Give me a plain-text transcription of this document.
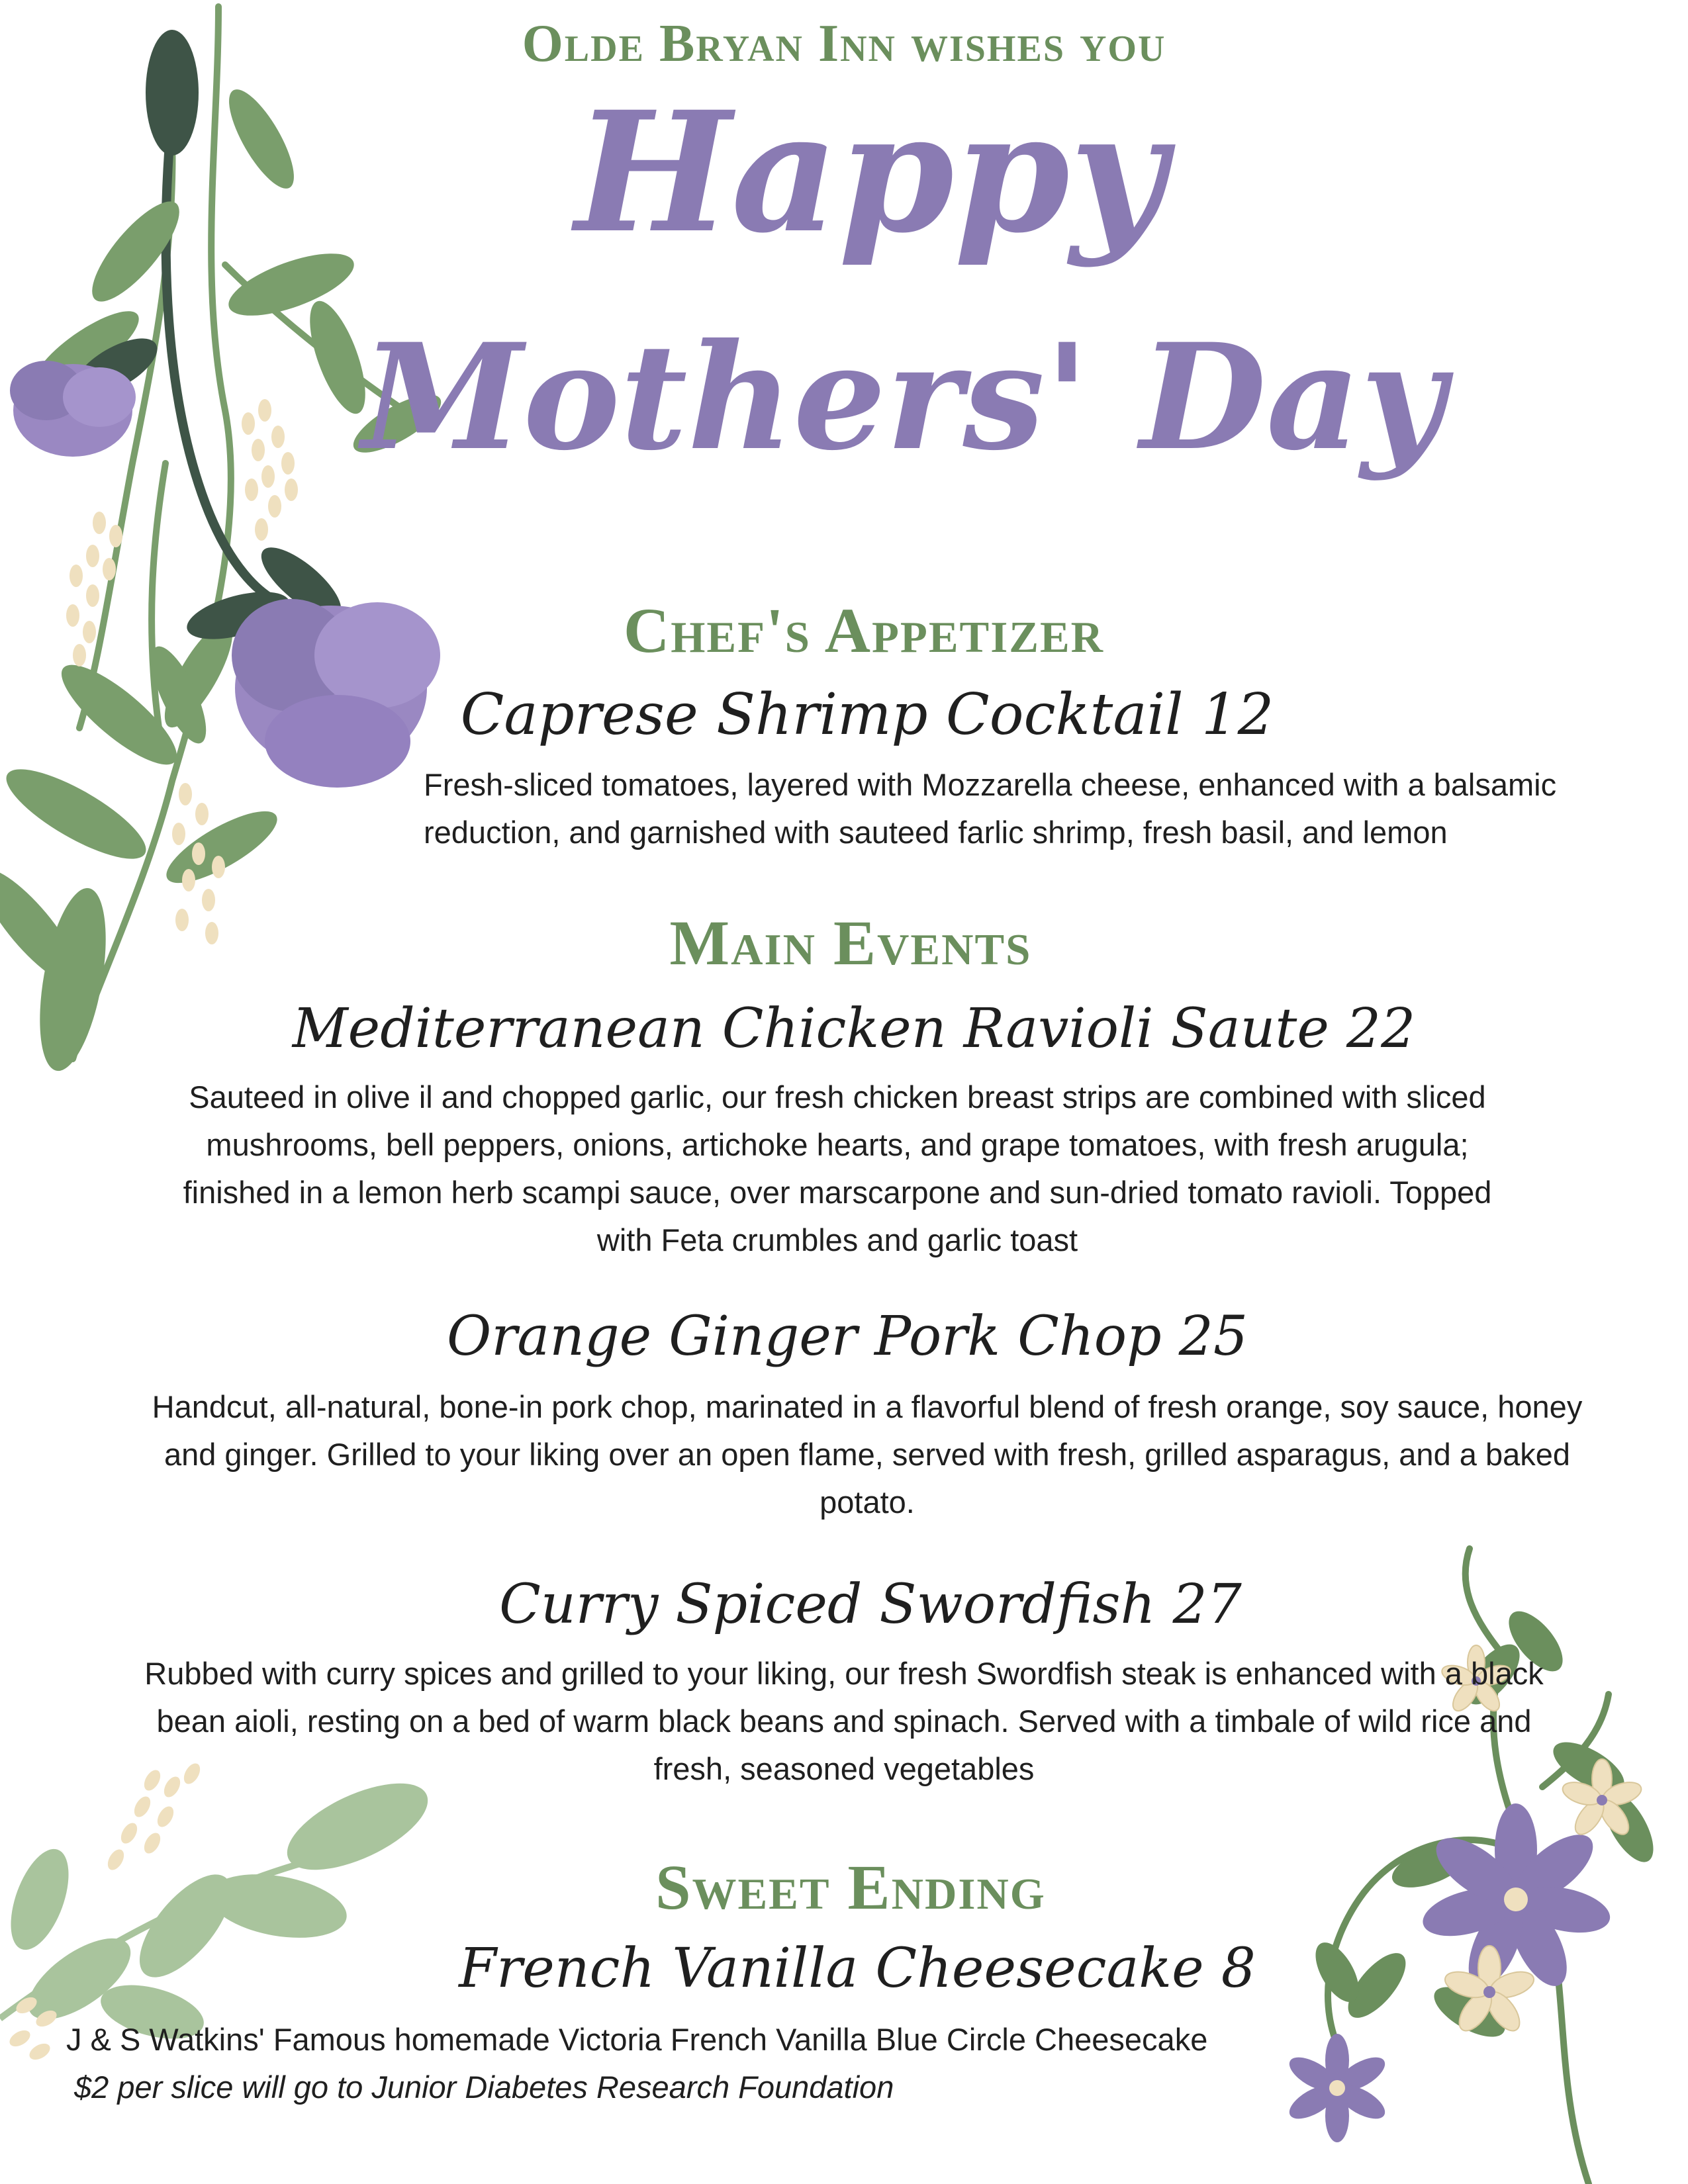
Olde Bryan Inn wishes you
Happy
Mothers' Day
Chef's Appetizer
Caprese Shrimp Cocktail 12
Fresh-sliced tomatoes, layered with Mozzarella cheese, enhanced with a balsamic
reduction, and garnished with sauteed farlic shrimp, fresh basil, and lemon
Main Events
Mediterranean Chicken Ravioli Saute 22
Sauteed in olive il and chopped garlic, our fresh chicken breast strips are combined with sliced
mushrooms, bell peppers, onions, artichoke hearts, and grape tomatoes, with fresh arugula;
finished in a lemon herb scampi sauce, over marscarpone and sun-dried tomato ravioli. Topped
with Feta crumbles and garlic toast
Orange Ginger Pork Chop 25
Handcut, all-natural, bone-in pork chop, marinated in a flavorful blend of fresh orange, soy sauce, honey
and ginger. Grilled to your liking over an open flame, served with fresh, grilled asparagus, and a baked
potato.
Curry Spiced Swordfish 27
Rubbed with curry spices and grilled to your liking, our fresh Swordfish steak is enhanced with a black
bean aioli, resting on a bed of warm black beans and spinach. Served with a timbale of wild rice and
fresh, seasoned vegetables
Sweet Ending
French Vanilla Cheesecake 8
J & S Watkins' Famous homemade Victoria French Vanilla Blue Circle Cheesecake
$2 per slice will go to Junior Diabetes Research Foundation
